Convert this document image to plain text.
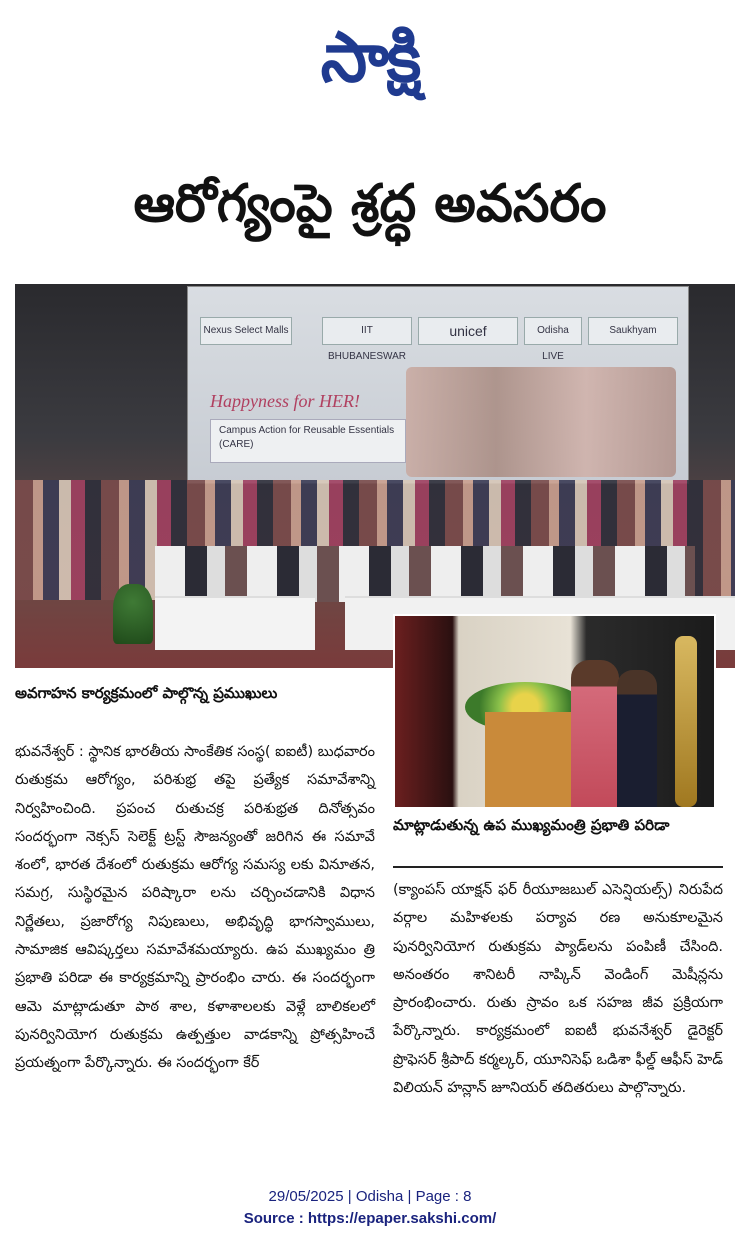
సాక్షి
ఆరోగ్యంపై శ్రద్ధ అవసరం
Nexus Select Malls	IIT BHUBANESWAR
unicef	Odisha LIVE
Saukhyam
Happyness for HER!
Campus Action for Reusable Essentials (CARE)
అవగాహన కార్యక్రమంలో పాల్గొన్న ప్రముఖులు
భువనేశ్వర్‌ : స్థానిక భారతీయ సాంకేతిక సంస్థ( ఐఐటీ) బుధవారం రుతుక్రమ ఆరోగ్యం, పరిశుభ్ర తపై ప్రత్యేక సమావేశాన్ని నిర్వహించింది. ప్రపంచ రుతుచక్ర పరిశుభ్రత దినోత్సవం సందర్భంగా నెక్సస్‌ సెలెక్ట్‌ ట్రస్ట్‌ సౌజన్యంతో జరిగిన ఈ సమావే శంలో, భారత దేశంలో రుతుక్రమ ఆరోగ్య సమస్య లకు వినూతన, సమగ్ర, సుస్థిరమైన పరిష్కారా లను చర్చించడానికి విధాన నిర్ణేతలు, ప్రజారోగ్య నిపుణులు, అభివృద్ధి భాగస్వాములు, సామాజిక ఆవిష్కర్తలు సమావేశమయ్యారు. ఉప ముఖ్యమం త్రి ప్రభాతి పరిడా ఈ కార్యక్రమాన్ని ప్రారంభిం చారు. ఈ సందర్భంగా ఆమె మాట్లాడుతూ పాఠ శాల, కళాశాలలకు వెళ్లే బాలికలలో పునర్వినియోగ రుతుక్రమ ఉత్పత్తుల వాడకాన్ని ప్రోత్సహించే ప్రయత్నంగా పేర్కొన్నారు. ఈ సందర్భంగా కేర్‌
మాట్లాడుతున్న ఉప ముఖ్యమంత్రి ప్రభాతి పరిడా
(క్యాంపస్‌ యాక్షన్‌ ఫర్‌ రీయూజబుల్‌ ఎసెన్షియల్స్‌) నిరుపేద వర్గాల మహిళలకు పర్యావ రణ అనుకూలమైన పునర్వినియోగ రుతుక్రమ ప్యాడ్‌లను పంపిణీ చేసింది. అనంతరం శానిటరీ నాప్కిన్‌ వెండింగ్‌ మెషీన్లను ప్రారంభించారు. రుతు స్రావం ఒక సహజ జీవ ప్రక్రియగా పేర్కొన్నారు. కార్యక్రమంలో ఐఐటీ భువనేశ్వర్‌ డైరెక్టర్‌ ప్రొఫెసర్‌ శ్రీపాద్‌ కర్మల్కర్‌, యూనిసెఫ్‌ ఒడిశా ఫీల్డ్‌ ఆఫీస్‌ హెడ్‌ విలియన్‌ హన్లాన్‌ జూనియర్‌ తదితరులు పాల్గొన్నారు.
29/05/2025 | Odisha | Page : 8
Source : https://epaper.sakshi.com/
